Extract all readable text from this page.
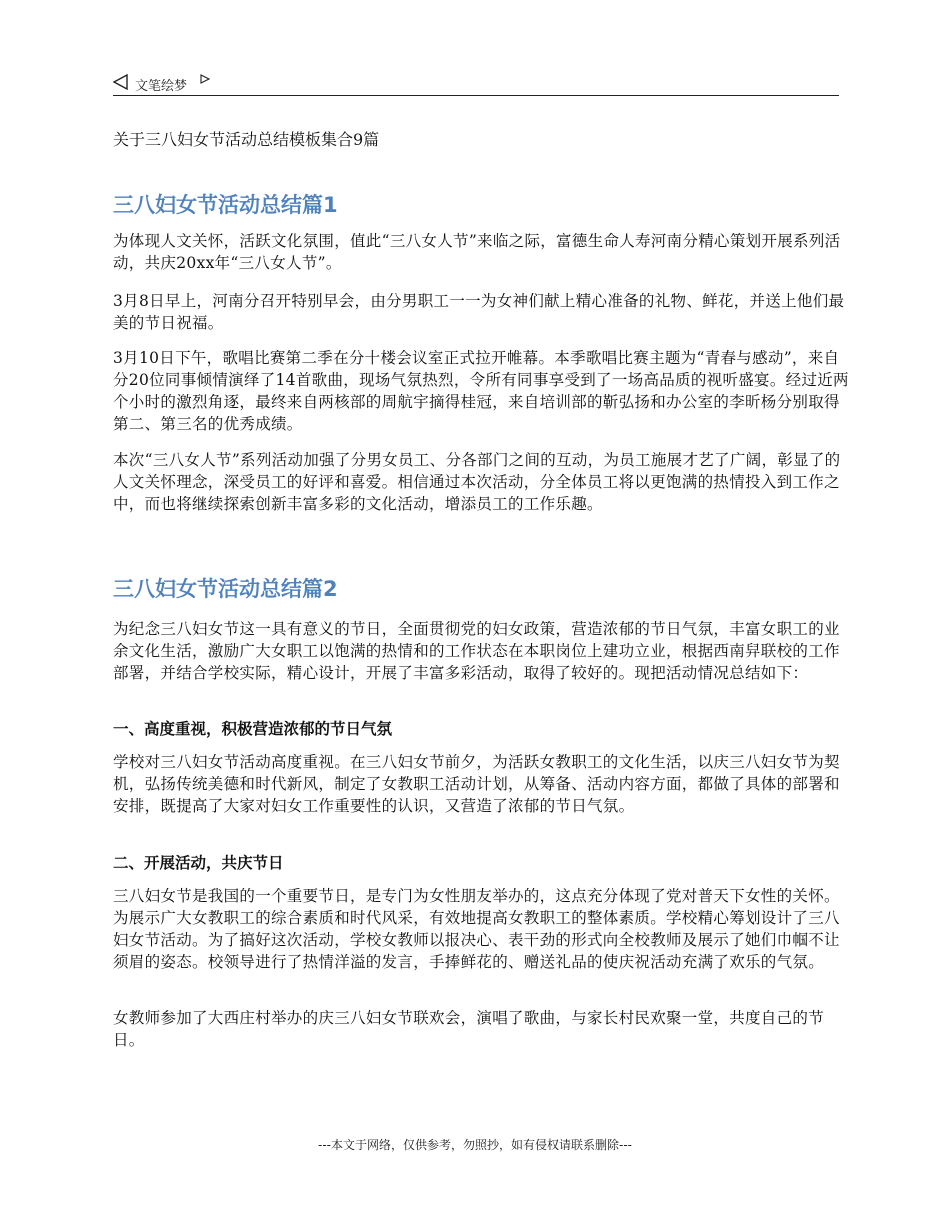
文笔绘梦
关于三八妇女节活动总结模板集合9篇
三八妇女节活动总结篇1

为体现人文关怀，活跃文化氛围，值此“三八女人节”来临之际，富德生命人寿河南分精心策划开展系列活动，共庆20xx年“三八女人节”。

3月8日早上，河南分召开特别早会，由分男职工一一为女神们献上精心准备的礼物、鲜花，并送上他们最美的节日祝福。

3月10日下午，歌唱比赛第二季在分十楼会议室正式拉开帷幕。本季歌唱比赛主题为“青春与感动”，来自分20位同事倾情演绎了14首歌曲，现场气氛热烈，令所有同事享受到了一场高品质的视听盛宴。经过近两个小时的激烈角逐，最终来自两核部的周航宇摘得桂冠，来自培训部的靳弘扬和办公室的李昕杨分别取得第二、第三名的优秀成绩。

本次“三八女人节”系列活动加强了分男女员工、分各部门之间的互动，为员工施展才艺了广阔，彰显了的人文关怀理念，深受员工的好评和喜爱。相信通过本次活动，分全体员工将以更饱满的热情投入到工作之中，而也将继续探索创新丰富多彩的文化活动，增添员工的工作乐趣。

三八妇女节活动总结篇2

为纪念三八妇女节这一具有意义的节日，全面贯彻党的妇女政策，营造浓郁的节日气氛，丰富女职工的业余文化生活，激励广大女职工以饱满的热情和的工作状态在本职岗位上建功立业，根据西南舁联校的工作部署，并结合学校实际，精心设计，开展了丰富多彩活动，取得了较好的。现把活动情况总结如下：

一、高度重视，积极营造浓郁的节日气氛

学校对三八妇女节活动高度重视。在三八妇女节前夕，为活跃女教职工的文化生活，以庆三八妇女节为契机，弘扬传统美德和时代新风，制定了女教职工活动计划，从筹备、活动内容方面，都做了具体的部署和安排，既提高了大家对妇女工作重要性的认识，又营造了浓郁的节日气氛。

二、开展活动，共庆节日

三八妇女节是我国的一个重要节日，是专门为女性朋友举办的，这点充分体现了党对普天下女性的关怀。为展示广大女教职工的综合素质和时代风采，有效地提高女教职工的整体素质。学校精心筹划设计了三八妇女节活动。为了搞好这次活动，学校女教师以报决心、表干劲的形式向全校教师及展示了她们巾帼不让须眉的姿态。校领导进行了热情洋溢的发言，手捧鲜花的、赠送礼品的使庆祝活动充满了欢乐的气氛。

女教师参加了大西庄村举办的庆三八妇女节联欢会，演唱了歌曲，与家长村民欢聚一堂，共度自己的节日。

---本文于网络，仅供参考，勿照抄，如有侵权请联系删除---
